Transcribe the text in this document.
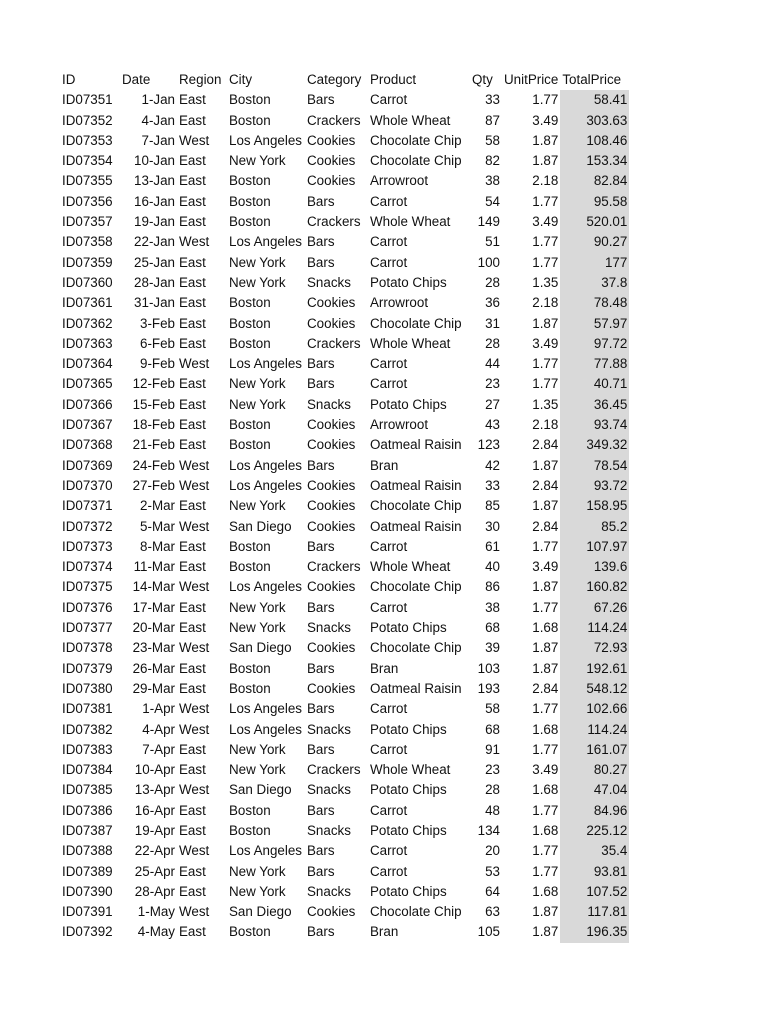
ID	Date	Region	City	Category	Product	Qty	UnitPrice	TotalPrice
ID07351	1-Jan	East	Boston	Bars	Carrot	33	1.77	58.41
ID07352	4-Jan	East	Boston	Crackers	Whole Wheat	87	3.49	303.63
ID07353	7-Jan	West	Los Angeles	Cookies	Chocolate Chip	58	1.87	108.46
ID07354	10-Jan	East	New York	Cookies	Chocolate Chip	82	1.87	153.34
ID07355	13-Jan	East	Boston	Cookies	Arrowroot	38	2.18	82.84
ID07356	16-Jan	East	Boston	Bars	Carrot	54	1.77	95.58
ID07357	19-Jan	East	Boston	Crackers	Whole Wheat	149	3.49	520.01
ID07358	22-Jan	West	Los Angeles	Bars	Carrot	51	1.77	90.27
ID07359	25-Jan	East	New York	Bars	Carrot	100	1.77	177
ID07360	28-Jan	East	New York	Snacks	Potato Chips	28	1.35	37.8
ID07361	31-Jan	East	Boston	Cookies	Arrowroot	36	2.18	78.48
ID07362	3-Feb	East	Boston	Cookies	Chocolate Chip	31	1.87	57.97
ID07363	6-Feb	East	Boston	Crackers	Whole Wheat	28	3.49	97.72
ID07364	9-Feb	West	Los Angeles	Bars	Carrot	44	1.77	77.88
ID07365	12-Feb	East	New York	Bars	Carrot	23	1.77	40.71
ID07366	15-Feb	East	New York	Snacks	Potato Chips	27	1.35	36.45
ID07367	18-Feb	East	Boston	Cookies	Arrowroot	43	2.18	93.74
ID07368	21-Feb	East	Boston	Cookies	Oatmeal Raisin	123	2.84	349.32
ID07369	24-Feb	West	Los Angeles	Bars	Bran	42	1.87	78.54
ID07370	27-Feb	West	Los Angeles	Cookies	Oatmeal Raisin	33	2.84	93.72
ID07371	2-Mar	East	New York	Cookies	Chocolate Chip	85	1.87	158.95
ID07372	5-Mar	West	San Diego	Cookies	Oatmeal Raisin	30	2.84	85.2
ID07373	8-Mar	East	Boston	Bars	Carrot	61	1.77	107.97
ID07374	11-Mar	East	Boston	Crackers	Whole Wheat	40	3.49	139.6
ID07375	14-Mar	West	Los Angeles	Cookies	Chocolate Chip	86	1.87	160.82
ID07376	17-Mar	East	New York	Bars	Carrot	38	1.77	67.26
ID07377	20-Mar	East	New York	Snacks	Potato Chips	68	1.68	114.24
ID07378	23-Mar	West	San Diego	Cookies	Chocolate Chip	39	1.87	72.93
ID07379	26-Mar	East	Boston	Bars	Bran	103	1.87	192.61
ID07380	29-Mar	East	Boston	Cookies	Oatmeal Raisin	193	2.84	548.12
ID07381	1-Apr	West	Los Angeles	Bars	Carrot	58	1.77	102.66
ID07382	4-Apr	West	Los Angeles	Snacks	Potato Chips	68	1.68	114.24
ID07383	7-Apr	East	New York	Bars	Carrot	91	1.77	161.07
ID07384	10-Apr	East	New York	Crackers	Whole Wheat	23	3.49	80.27
ID07385	13-Apr	West	San Diego	Snacks	Potato Chips	28	1.68	47.04
ID07386	16-Apr	East	Boston	Bars	Carrot	48	1.77	84.96
ID07387	19-Apr	East	Boston	Snacks	Potato Chips	134	1.68	225.12
ID07388	22-Apr	West	Los Angeles	Bars	Carrot	20	1.77	35.4
ID07389	25-Apr	East	New York	Bars	Carrot	53	1.77	93.81
ID07390	28-Apr	East	New York	Snacks	Potato Chips	64	1.68	107.52
ID07391	1-May	West	San Diego	Cookies	Chocolate Chip	63	1.87	117.81
ID07392	4-May	East	Boston	Bars	Bran	105	1.87	196.35
